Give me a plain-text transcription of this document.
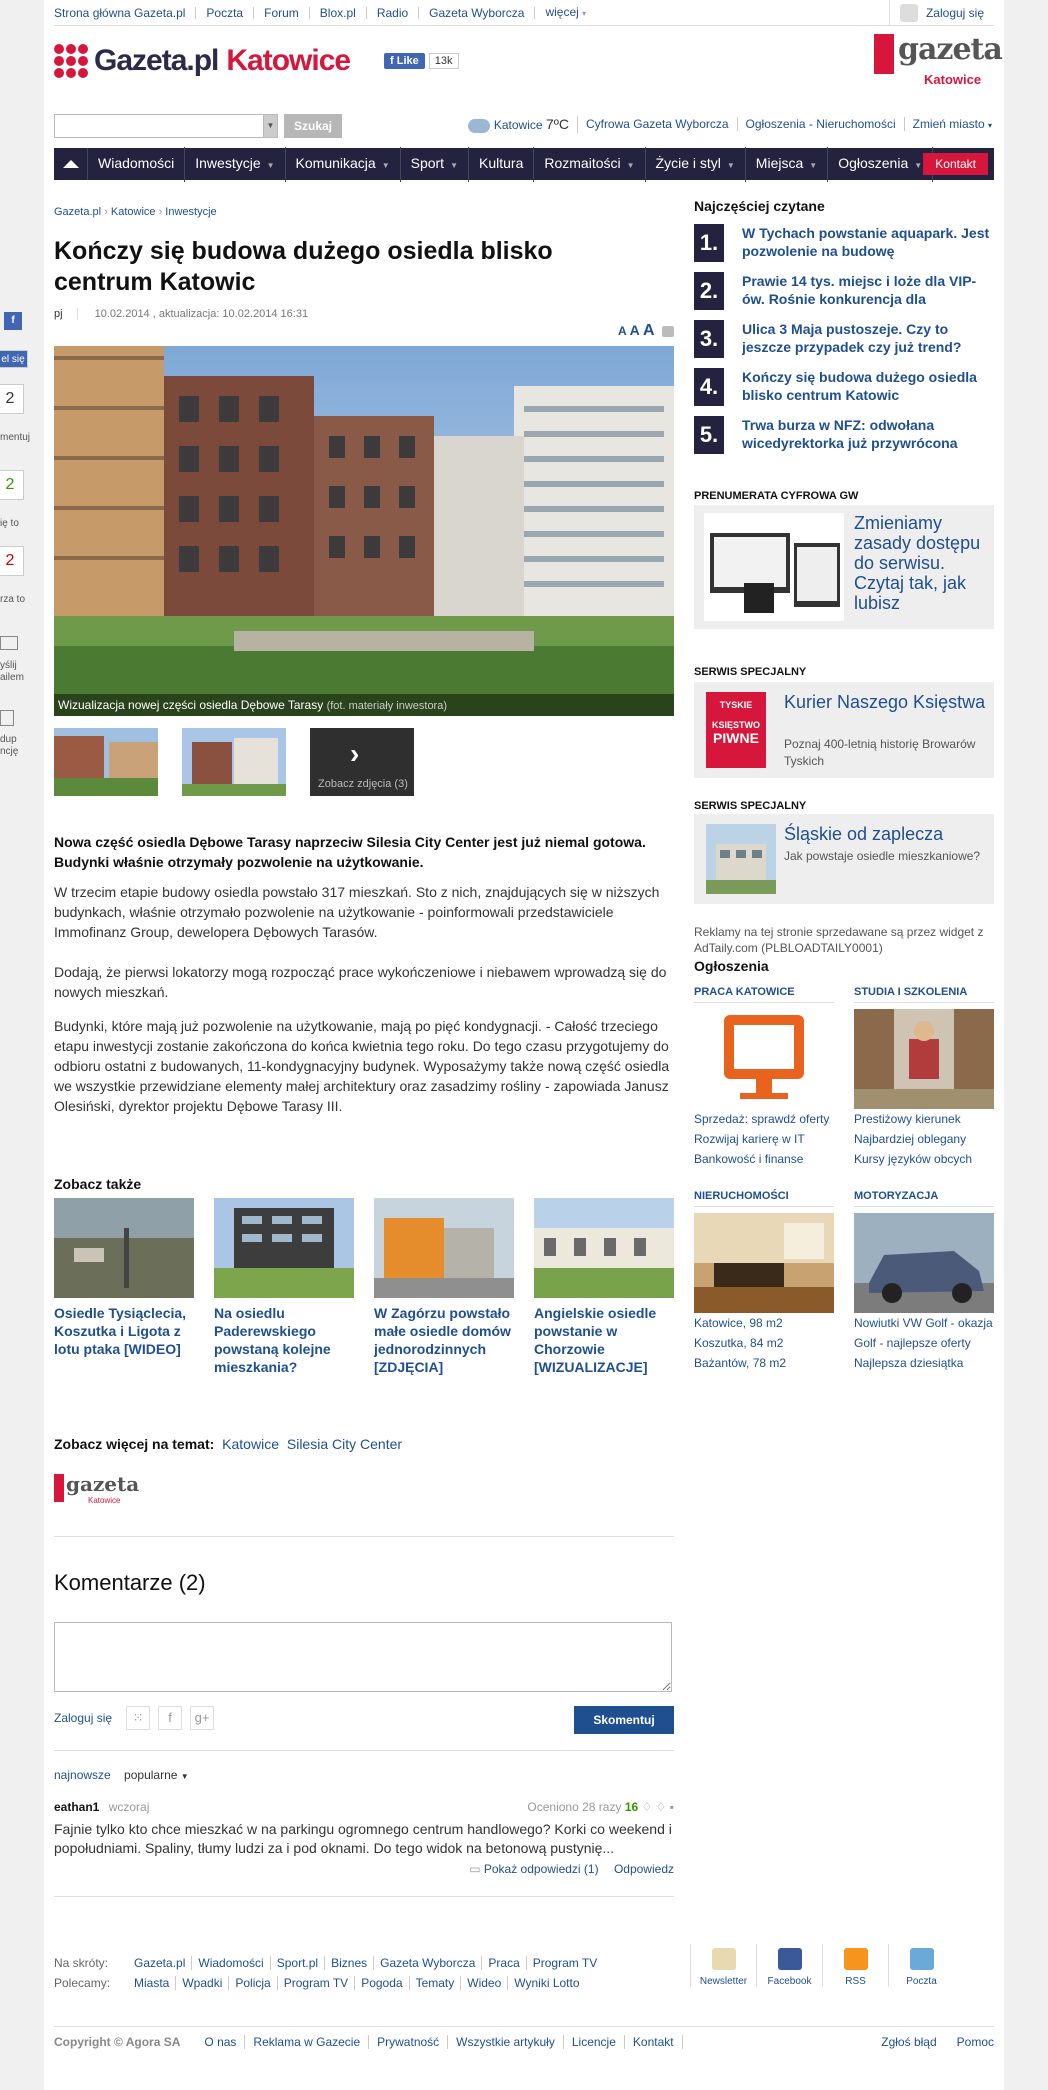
f
el się
2
mentuj
2
ię to
2
rza to
yślij
ailem
dup
ncję
Strona główna Gazeta.pl	Poczta	Forum	Blox.pl	Radio	Gazeta Wyborcza	więcej ▾	Zaloguj się
Gazeta.pl Katowice	f Like	13k	gazeta
Katowice
▼	Szukaj	Katowice 7ºC	Cyfrowa Gazeta Wyborcza	Ogłoszenia - Nieruchomości	Zmień miasto ▾
Wiadomości	Inwestycje ▼	Komunikacja ▼	Sport ▼	Kultura	Rozmaitości ▼	Życie i styl ▼	Miejsca ▼	Ogłoszenia ▼	Kontakt
Gazeta.pl › Katowice › Inwestycje
Kończy się budowa dużego osiedla blisko centrum Katowic
pj	10.02.2014 , aktualizacja: 10.02.2014 16:31
A A A
Wizualizacja nowej części osiedla Dębowe Tarasy (fot. materiały inwestora)
›
Zobacz zdjęcia (3)
Nowa część osiedla Dębowe Tarasy naprzeciw Silesia City Center jest już niemal gotowa. Budynki właśnie otrzymały pozwolenie na użytkowanie.
W trzecim etapie budowy osiedla powstało 317 mieszkań. Sto z nich, znajdujących się w niższych budynkach, właśnie otrzymało pozwolenie na użytkowanie - poinformowali przedstawiciele Immofinanz Group, dewelopera Dębowych Tarasów.
Dodają, że pierwsi lokatorzy mogą rozpocząć prace wykończeniowe i niebawem wprowadzą się do nowych mieszkań.
Budynki, które mają już pozwolenie na użytkowanie, mają po pięć kondygnacji. - Całość trzeciego etapu inwestycji zostanie zakończona do końca kwietnia tego roku. Do tego czasu przygotujemy do odbioru ostatni z budowanych, 11-kondygnacyjny budynek. Wyposażymy także nową część osiedla we wszystkie przewidziane elementy małej architektury oraz zasadzimy rośliny - zapowiada Janusz Olesiński, dyrektor projektu Dębowe Tarasy III.
Zobacz także
Osiedle Tysiąclecia, Koszutka i Ligota z lotu ptaka [WIDEO]
Na osiedlu Paderewskiego powstaną kolejne mieszkania?
W Zagórzu powstało małe osiedle domów jednorodzinnych [ZDJĘCIA]
Angielskie osiedle powstanie w Chorzowie [WIZUALIZACJE]
Zobacz więcej na temat: Katowice Silesia City Center
gazeta
Katowice
Komentarze (2)
Zaloguj się	⁙	f	g+	Skomentuj
najnowsze popularne ▼
eathan1 wczoraj	Oceniono 28 razy 16 ♢ ♢ ▪
Fajnie tylko kto chce mieszkać w na parkingu ogromnego centrum handlowego? Korki co weekend i popołudniami. Spaliny, tłumy ludzi za i pod oknami. Do tego widok na betonową pustynię...
▭ Pokaż odpowiedzi (1) Odpowiedz
Najczęściej czytane
1.	W Tychach powstanie aquapark. Jest pozwolenie na budowę
2.	Prawie 14 tys. miejsc i loże dla VIP-ów. Rośnie konkurencja dla
3.	Ulica 3 Maja pustoszeje. Czy to jeszcze przypadek czy już trend?
4.	Kończy się budowa dużego osiedla blisko centrum Katowic
5.	Trwa burza w NFZ: odwołana wicedyrektorka już przywrócona
PRENUMERATA CYFROWA GW
Zmieniamy zasady dostępu do serwisu. Czytaj tak, jak lubisz
SERWIS SPECJALNY
TYSKIE
KSIĘSTWO
PIWNE
Kurier Naszego Księstwa
Poznaj 400-letnią historię Browarów Tyskich
SERWIS SPECJALNY
Śląskie od zaplecza
Jak powstaje osiedle mieszkaniowe?
Reklamy na tej stronie sprzedawane są przez widget z AdTaily.com (PLBLOADTAILY0001)
Ogłoszenia
PRACA KATOWICE
Sprzedaż: sprawdź oferty
Rozwijaj karierę w IT
Bankowość i finanse
STUDIA I SZKOLENIA
Prestiżowy kierunek
Najbardziej oblegany
Kursy języków obcych
NIERUCHOMOŚCI
Katowice, 98 m2
Koszutka, 84 m2
Bażantów, 78 m2
MOTORYZACJA
Nowiutki VW Golf - okazja
Golf - najlepsze oferty
Najlepsza dziesiątka
Na skróty:	Gazeta.pl	Wiadomości	Sport.pl	Biznes	Gazeta Wyborcza	Praca	Program TV
Polecamy:	Miasta	Wpadki	Policja	Program TV	Pogoda	Tematy	Wideo	Wyniki Lotto	Newsletter	Facebook	RSS	Poczta
Copyright © Agora SA	O nas	Reklama w Gazecie	Prywatność	Wszystkie artykuły	Licencje	Kontakt	Zgłoś błąd Pomoc
